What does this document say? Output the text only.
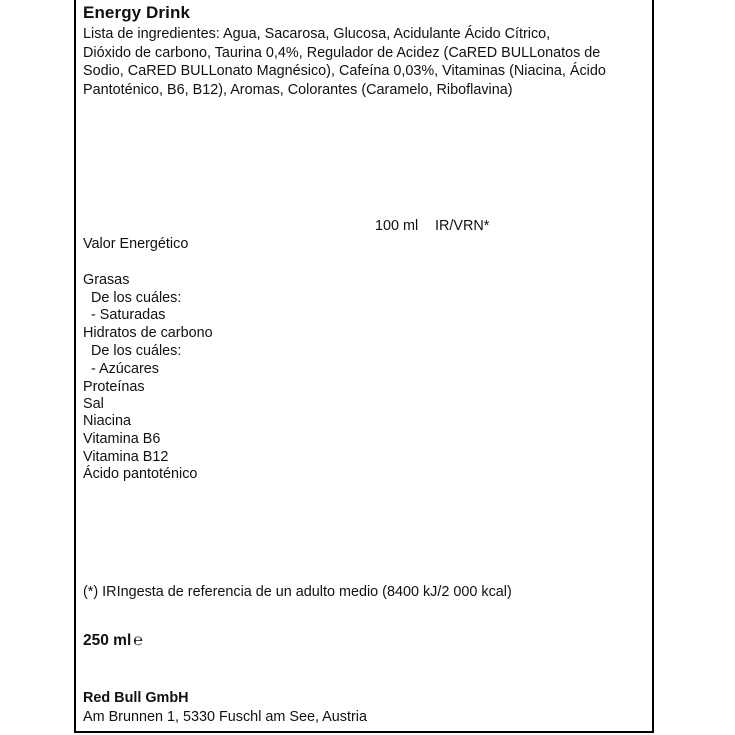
Energy Drink
Lista de ingredientes: Agua, Sacarosa, Glucosa, Acidulante Ácido Cítrico,
Dióxido de carbono, Taurina 0,4%, Regulador de Acidez (CaRED BULLonatos de
Sodio, CaRED BULLonato Magnésico), Cafeína 0,03%, Vitaminas (Niacina, Ácido
Pantoténico, B6, B12), Aromas, Colorantes (Caramelo, Riboflavina)
100 ml IR/VRN*
Valor Energético
Grasas
De los cuáles:
- Saturadas
Hidratos de carbono
De los cuáles:
- Azúcares
Proteínas
Sal
Niacina
Vitamina B6
Vitamina B12
Ácido pantoténico
(*) IRIngesta de referencia de un adulto medio (8400 kJ/2 000 kcal)
250 ml ℮
Red Bull GmbH
Am Brunnen 1, 5330 Fuschl am See, Austria
